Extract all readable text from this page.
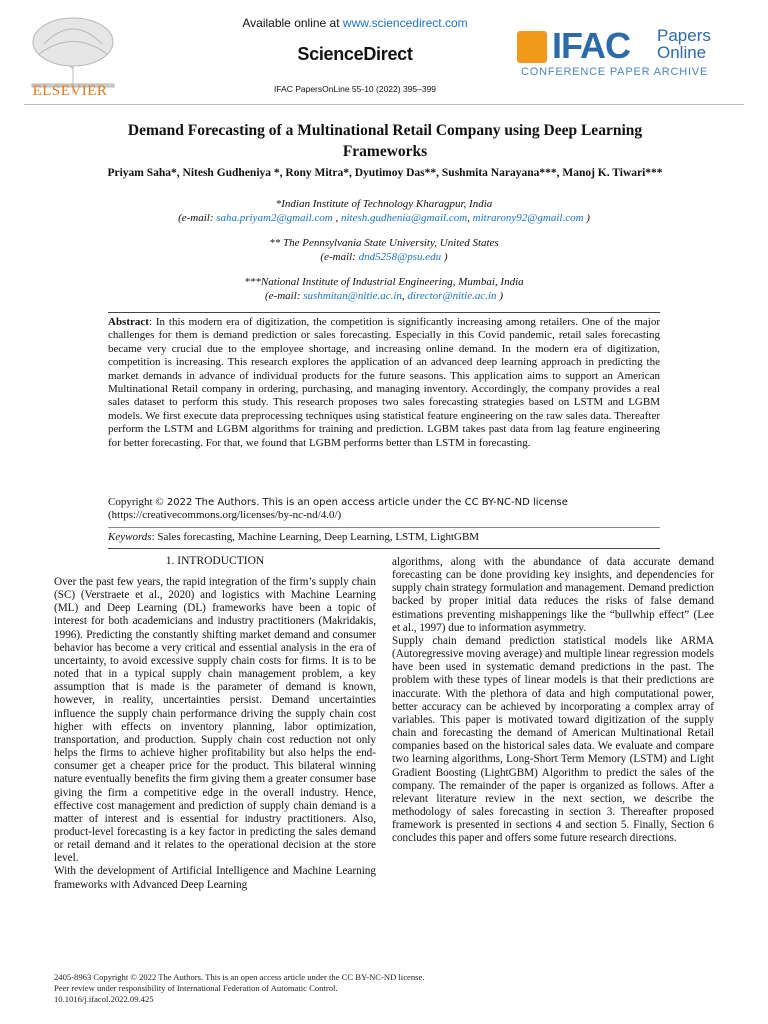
ELSEVIER
Available online at www.sciencedirect.com
ScienceDirect
IFAC PapersOnLine 55-10 (2022) 395–399
IFAC Papers
Online
CONFERENCE PAPER ARCHIVE
Demand Forecasting of a Multinational Retail Company using Deep Learning Frameworks
Priyam Saha*, Nitesh Gudheniya *, Rony Mitra*, Dyutimoy Das**, Sushmita Narayana***, Manoj K. Tiwari***
*Indian Institute of Technology Kharagpur, India
(e-mail: saha.priyam2@gmail.com , nitesh.gudhenia@gmail.com, mitrarony92@gmail.com )
** The Pennsylvania State University, United States
(e-mail: dnd5258@psu.edu )
***National Institute of Industrial Engineering, Mumbai, India
(e-mail: sushmitan@nitie.ac.in, director@nitie.ac.in )
Abstract: In this modern era of digitization, the competition is significantly increasing among retailers. One of the major challenges for them is demand prediction or sales forecasting. Especially in this Covid pandemic, retail sales forecasting became very crucial due to the employee shortage, and increasing online demand. In the modern era of digitization, competition is increasing. This research explores the application of an advanced deep learning approach in predicting the market demands in advance of individual products for the future seasons. This application aims to support an American Multinational Retail company in ordering, purchasing, and managing inventory. Accordingly, the company provides a real sales dataset to perform this study. This research proposes two sales forecasting strategies based on LSTM and LGBM models. We first execute data preprocessing techniques using statistical feature engineering on the raw sales data. Thereafter perform the LSTM and LGBM algorithms for training and prediction. LGBM takes past data from lag feature engineering for better forecasting. For that, we found that LGBM performs better than LSTM in forecasting.
Copyright © 2022 The Authors. This is an open access article under the CC BY-NC-ND license
(https://creativecommons.org/licenses/by-nc-nd/4.0/)
Keywords: Sales forecasting, Machine Learning, Deep Learning, LSTM, LightGBM
1. INTRODUCTION

Over the past few years, the rapid integration of the firm’s supply chain (SC) (Verstraete et al., 2020) and logistics with Machine Learning (ML) and Deep Learning (DL) frameworks have been a topic of interest for both academicians and industry practitioners (Makridakis, 1996). Predicting the constantly shifting market demand and consumer behavior has become a very critical and essential analysis in the era of uncertainty, to avoid excessive supply chain costs for firms. It is to be noted that in a typical supply chain management problem, a key assumption that is made is the parameter of demand is known, however, in reality, uncertainties persist. Demand uncertainties influence the supply chain performance driving the supply chain cost higher with effects on inventory planning, labor optimization, transportation, and production. Supply chain cost reduction not only helps the firms to achieve higher profitability but also helps the end-consumer get a cheaper price for the product. This bilateral winning nature eventually benefits the firm giving them a greater consumer base giving the firm a competitive edge in the overall industry. Hence, effective cost management and prediction of supply chain demand is a matter of interest and is essential for industry practitioners. Also, product-level forecasting is a key factor in predicting the sales demand or retail demand and it relates to the operational decision at the store level.

With the development of Artificial Intelligence and Machine Learning frameworks with Advanced Deep Learning

algorithms, along with the abundance of data accurate demand forecasting can be done providing key insights, and dependencies for supply chain strategy formulation and management. Demand prediction backed by proper initial data reduces the risks of false demand estimations preventing mishappenings like the “bullwhip effect” (Lee et al., 1997) due to information asymmetry.

Supply chain demand prediction statistical models like ARMA (Autoregressive moving average) and multiple linear regression models have been used in systematic demand predictions in the past. The problem with these types of linear models is that their predictions are inaccurate. With the plethora of data and high computational power, better accuracy can be achieved by incorporating a complex array of variables. This paper is motivated toward digitization of the supply chain and forecasting the demand of American Multinational Retail companies based on the historical sales data. We evaluate and compare two learning algorithms, Long-Short Term Memory (LSTM) and Light Gradient Boosting (LightGBM) Algorithm to predict the sales of the company. The remainder of the paper is organized as follows. After a relevant literature review in the next section, we describe the methodology of sales forecasting in section 3. Thereafter proposed framework is presented in sections 4 and section 5. Finally, Section 6 concludes this paper and offers some future research directions.

2405-8963 Copyright © 2022 The Authors. This is an open access article under the CC BY-NC-ND license.
Peer review under responsibility of International Federation of Automatic Control.
10.1016/j.ifacol.2022.09.425
